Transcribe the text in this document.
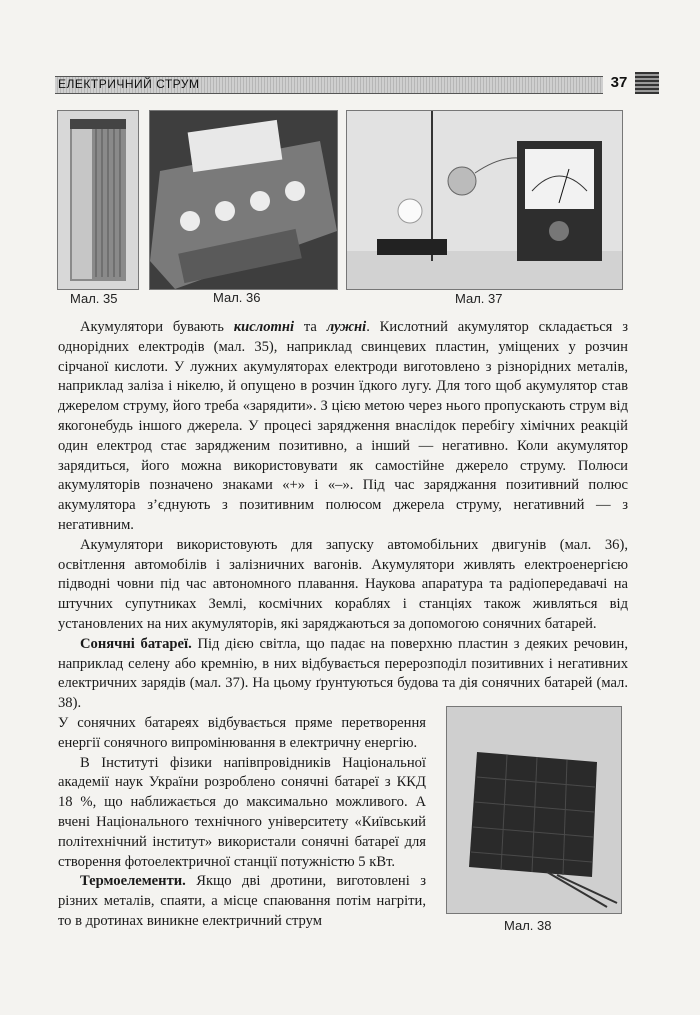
ЕЛЕКТРИЧНИЙ СТРУМ	37
Мал. 35	Мал. 36	Мал. 37
Мал. 38

Акумулятори бувають кислотні та лужні. Кислотний акумулятор складається з однорідних електродів (мал. 35), наприклад свинцевих пластин, уміщених у розчин сірчаної кислоти. У лужних акумуляторах електроди виготовлено з різнорідних металів, наприклад заліза і нікелю, й опущено в розчин їдкого лугу. Для того щоб акумулятор став джерелом струму, його треба «зарядити». З цією метою через нього пропускають струм від якогонебудь іншого джерела. У процесі зарядження внаслідок перебігу хімічних реакцій один електрод стає зарядженим позитивно, а інший — негативно. Коли акумулятор зарядиться, його можна використовувати як самостійне джерело струму. Полюси акумуляторів позначено знаками «+» і «–». Під час заряджання позитивний полюс акумулятора з’єднують з позитивним полюсом джерела струму, негативний — з негативним.

Акумулятори використовують для запуску автомобільних двигунів (мал. 36), освітлення автомобілів і залізничних вагонів. Акумулятори живлять електроенергією підводні човни під час автономного плавання. Наукова апаратура та радіопередавачі на штучних супутниках Землі, космічних кораблях і станціях також живляться від установлених на них акумуляторів, які заряджаються за допомогою сонячних батарей.

Сонячні батареї. Під дією світла, що падає на поверхню пластин з деяких речовин, наприклад селену або кремнію, в них відбувається перерозподіл позитивних і негативних електричних зарядів (мал. 37). На цьому ґрунтуються будова та дія сонячних батарей (мал. 38).

У сонячних батареях відбувається пряме перетворення енергії сонячного випромінювання в електричну енергію.

В Інституті фізики напівпровідників Національної академії наук України розроблено сонячні батареї з ККД 18 %, що наближається до максимально можливого. А вчені Національного технічного університету «Київський політехнічний інститут» використали сонячні батареї для створення фотоелектричної станції потужністю 5 кВт.

Термоелементи. Якщо дві дротини, виготовлені з різних металів, спаяти, а місце спаювання потім нагріти, то в дротинах виникне електричний струм
